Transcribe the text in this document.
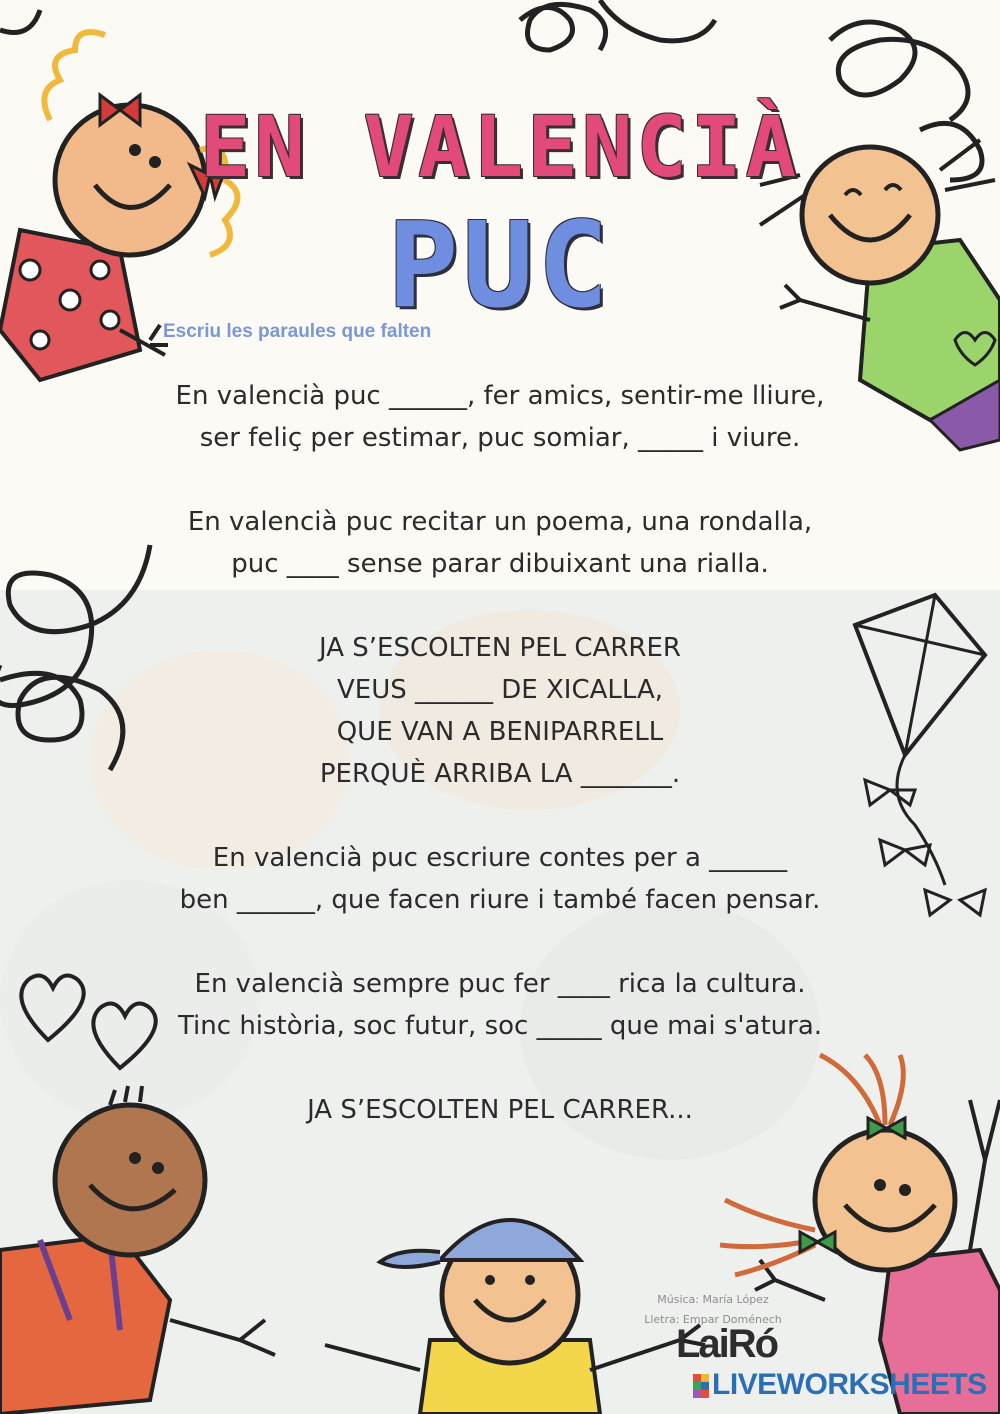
EN VALENCIÀ
PUC
Escriu les paraules que falten
En valencià puc ______, fer amics, sentir-me lliure,
ser feliç per estimar, puc somiar, _____ i viure.
En valencià puc recitar un poema, una rondalla,
puc ____ sense parar dibuixant una rialla.
JA S’ESCOLTEN PEL CARRER
VEUS ______ DE XICALLA,
QUE VAN A BENIPARRELL
PERQUÈ ARRIBA LA _______.
En valencià puc escriure contes per a ______
ben ______, que facen riure i també facen pensar.
En valencià sempre puc fer ____ rica la cultura.
Tinc història, soc futur, soc _____ que mai s'atura.
JA S’ESCOLTEN PEL CARRER...
Música: María López
Lletra: Empar Doménech
LaiRó
LIVEWORKSHEETS
